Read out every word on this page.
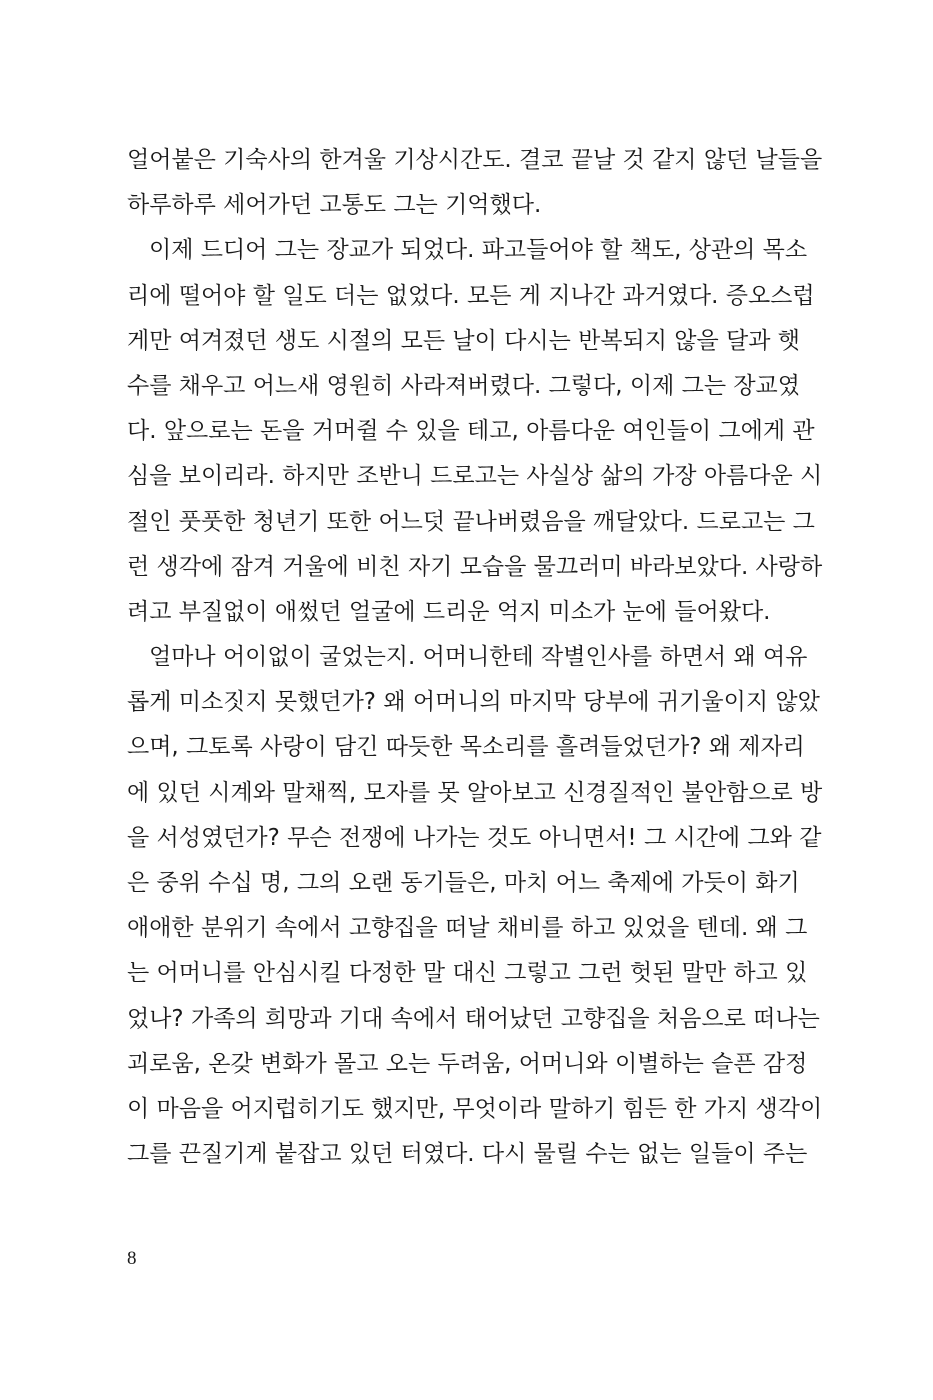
얼어붙은 기숙사의 한겨울 기상시간도. 결코 끝날 것 같지 않던 날들을
하루하루 세어가던 고통도 그는 기억했다.
이제 드디어 그는 장교가 되었다. 파고들어야 할 책도, 상관의 목소
리에 떨어야 할 일도 더는 없었다. 모든 게 지나간 과거였다. 증오스럽
게만 여겨졌던 생도 시절의 모든 날이 다시는 반복되지 않을 달과 햇
수를 채우고 어느새 영원히 사라져버렸다. 그렇다, 이제 그는 장교였
다. 앞으로는 돈을 거머쥘 수 있을 테고, 아름다운 여인들이 그에게 관
심을 보이리라. 하지만 조반니 드로고는 사실상 삶의 가장 아름다운 시
절인 풋풋한 청년기 또한 어느덧 끝나버렸음을 깨달았다. 드로고는 그
런 생각에 잠겨 거울에 비친 자기 모습을 물끄러미 바라보았다. 사랑하
려고 부질없이 애썼던 얼굴에 드리운 억지 미소가 눈에 들어왔다.
얼마나 어이없이 굴었는지. 어머니한테 작별인사를 하면서 왜 여유
롭게 미소짓지 못했던가? 왜 어머니의 마지막 당부에 귀기울이지 않았
으며, 그토록 사랑이 담긴 따듯한 목소리를 흘려들었던가? 왜 제자리
에 있던 시계와 말채찍, 모자를 못 알아보고 신경질적인 불안함으로 방
을 서성였던가? 무슨 전쟁에 나가는 것도 아니면서! 그 시간에 그와 같
은 중위 수십 명, 그의 오랜 동기들은, 마치 어느 축제에 가듯이 화기
애애한 분위기 속에서 고향집을 떠날 채비를 하고 있었을 텐데. 왜 그
는 어머니를 안심시킬 다정한 말 대신 그렇고 그런 헛된 말만 하고 있
었나? 가족의 희망과 기대 속에서 태어났던 고향집을 처음으로 떠나는
괴로움, 온갖 변화가 몰고 오는 두려움, 어머니와 이별하는 슬픈 감정
이 마음을 어지럽히기도 했지만, 무엇이라 말하기 힘든 한 가지 생각이
그를 끈질기게 붙잡고 있던 터였다. 다시 물릴 수는 없는 일들이 주는
8
